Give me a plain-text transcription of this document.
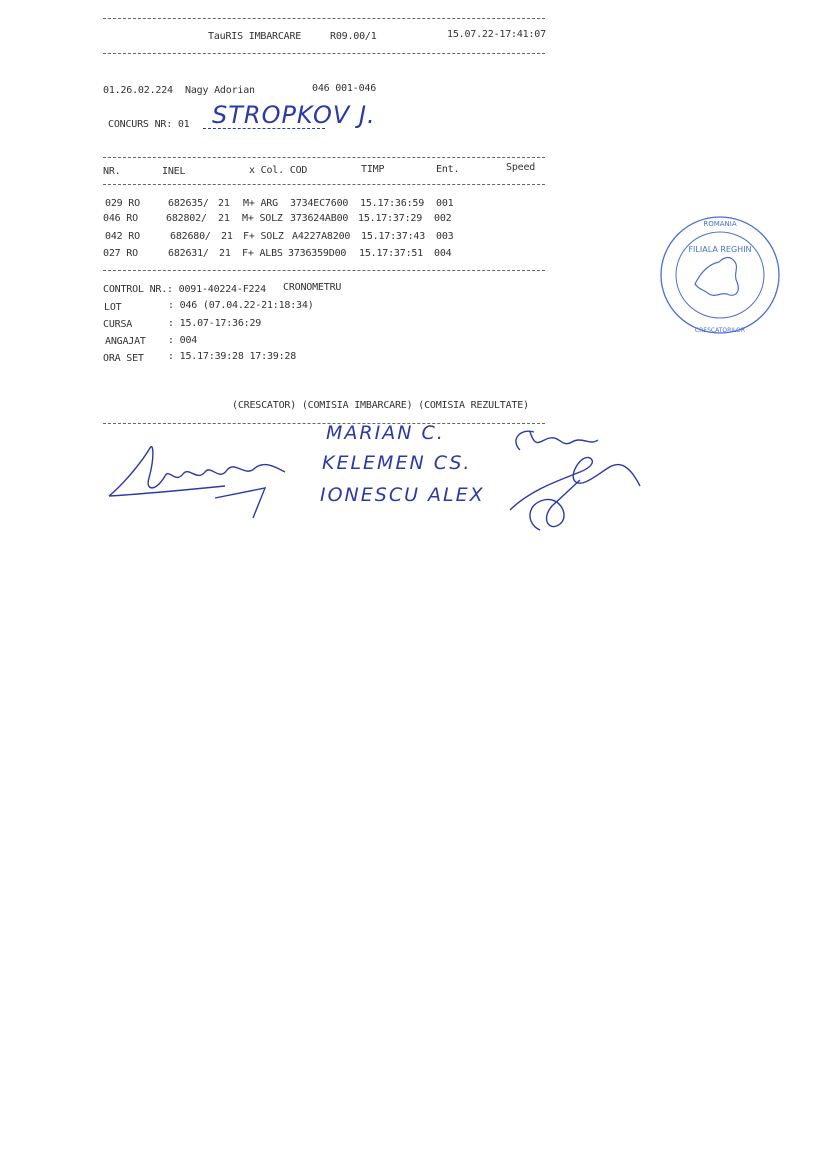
TauRIS IMBARCARE	R09.00/1	15.07.22-17:41:07
01.26.02.224 Nagy Adorian	046 001-046
CONCURS NR: 01 STROPKOV J.
NR.	INEL	x Col. COD	TIMP	Ent.	Speed
029 RO	682635/ 21 M+ ARG 3734EC7600 15.17:36:59 001
046 RO	682802/ 21 M+ SOLZ 373624AB00 15.17:37:29 002
042 RO	682680/ 21 F+ SOLZ A4227A8200 15.17:37:43 003
027 RO	682631/ 21 F+ ALBS 3736359D00 15.17:37:51 004
CONTROL NR.: 0091-40224-F224 CRONOMETRU
LOT	: 046 (07.04.22-21:18:34)
CURSA	: 15.07-17:36:29
ANGAJAT : 004
ORA SET : 15.17:39:28 17:39:28
(CRESCATOR) (COMISIA IMBARCARE) (COMISIA REZULTATE)
MARIAN C.
KELEMEN CS.
IONESCU ALEX
ROMANIA
CRESCATORILOR
FILIALA REGHIN
